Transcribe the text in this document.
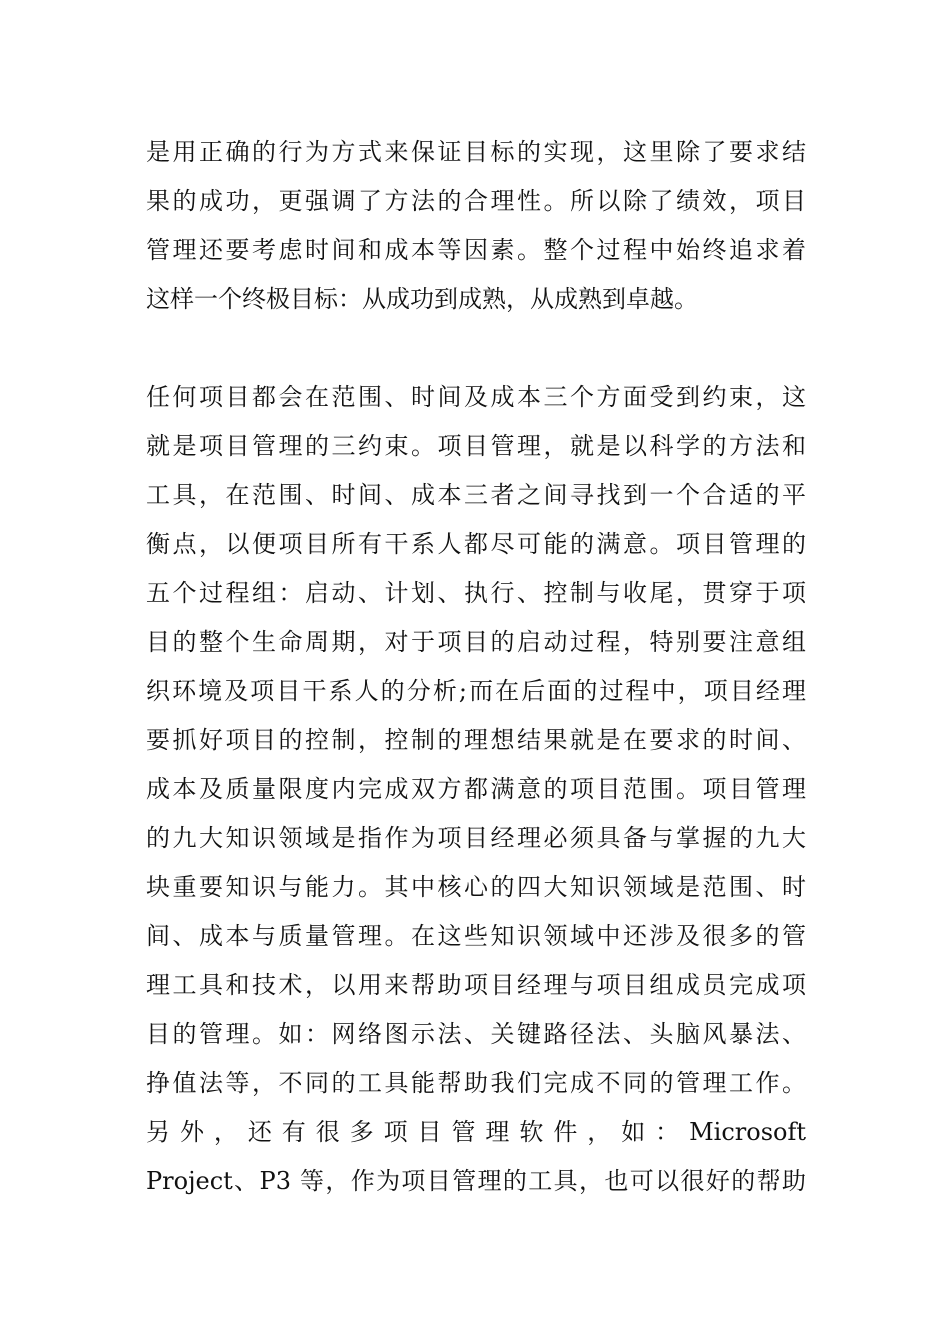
是用正确的行为方式来保证目标的实现，这里除了要求结
果的成功，更强调了方法的合理性。所以除了绩效，项目
管理还要考虑时间和成本等因素。整个过程中始终追求着
这样一个终极目标：从成功到成熟，从成熟到卓越。
任何项目都会在范围、时间及成本三个方面受到约束，这
就是项目管理的三约束。项目管理，就是以科学的方法和
工具，在范围、时间、成本三者之间寻找到一个合适的平
衡点，以便项目所有干系人都尽可能的满意。项目管理的
五个过程组：启动、计划、执行、控制与收尾，贯穿于项
目的整个生命周期，对于项目的启动过程，特别要注意组
织环境及项目干系人的分析;而在后面的过程中，项目经理
要抓好项目的控制，控制的理想结果就是在要求的时间、
成本及质量限度内完成双方都满意的项目范围。项目管理
的九大知识领域是指作为项目经理必须具备与掌握的九大
块重要知识与能力。其中核心的四大知识领域是范围、时
间、成本与质量管理。在这些知识领域中还涉及很多的管
理工具和技术，以用来帮助项目经理与项目组成员完成项
目的管理。如：网络图示法、关键路径法、头脑风暴法、
挣值法等，不同的工具能帮助我们完成不同的管理工作。
另 外 ， 还 有 很 多 项 目 管 理 软 件 ， 如 ： Microsoft
Project、P3 等，作为项目管理的工具，也可以很好的帮助
